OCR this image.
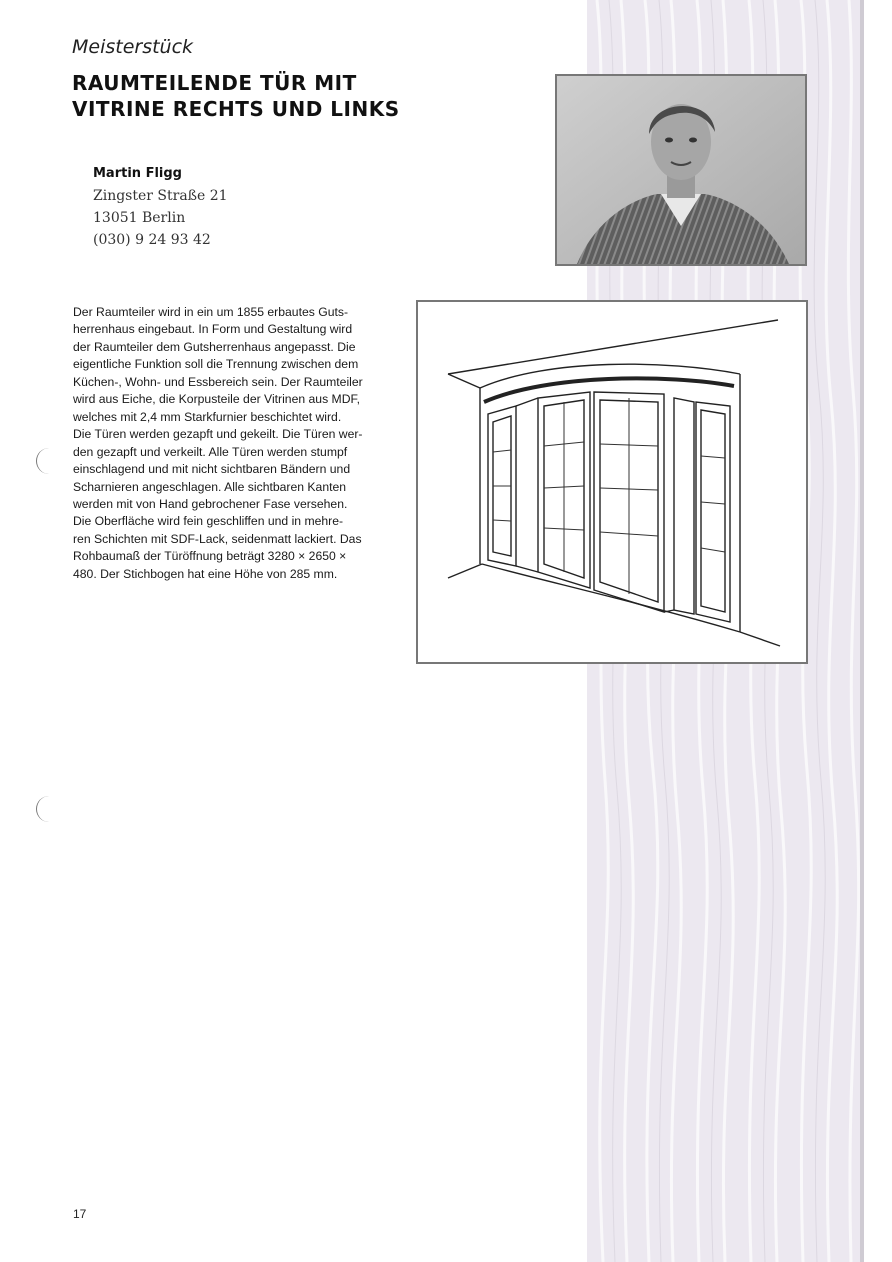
Meisterstück
RAUMTEILENDE TÜR MIT
VITRINE RECHTS UND LINKS
Martin Fligg
Zingster Straße 21
13051 Berlin
(030) 9 24 93 42

Der Raumteiler wird in ein um 1855 erbautes Guts-

herrenhaus eingebaut. In Form und Gestaltung wird

der Raumteiler dem Gutsherrenhaus angepasst. Die

eigentliche Funktion soll die Trennung zwischen dem

Küchen-, Wohn- und Essbereich sein. Der Raumteiler

wird aus Eiche, die Korpusteile der Vitrinen aus MDF,

welches mit 2,4 mm Starkfurnier beschichtet wird.

Die Türen werden gezapft und gekeilt. Die Türen wer-

den gezapft und verkeilt. Alle Türen werden stumpf

einschlagend und mit nicht sichtbaren Bändern und

Scharnieren angeschlagen. Alle sichtbaren Kanten

werden mit von Hand gebrochener Fase versehen.

Die Oberfläche wird fein geschliffen und in mehre-

ren Schichten mit SDF-Lack, seidenmatt lackiert. Das

Rohbaumaß der Türöffnung beträgt 3280 × 2650 ×

480. Der Stichbogen hat eine Höhe von 285 mm.

17
